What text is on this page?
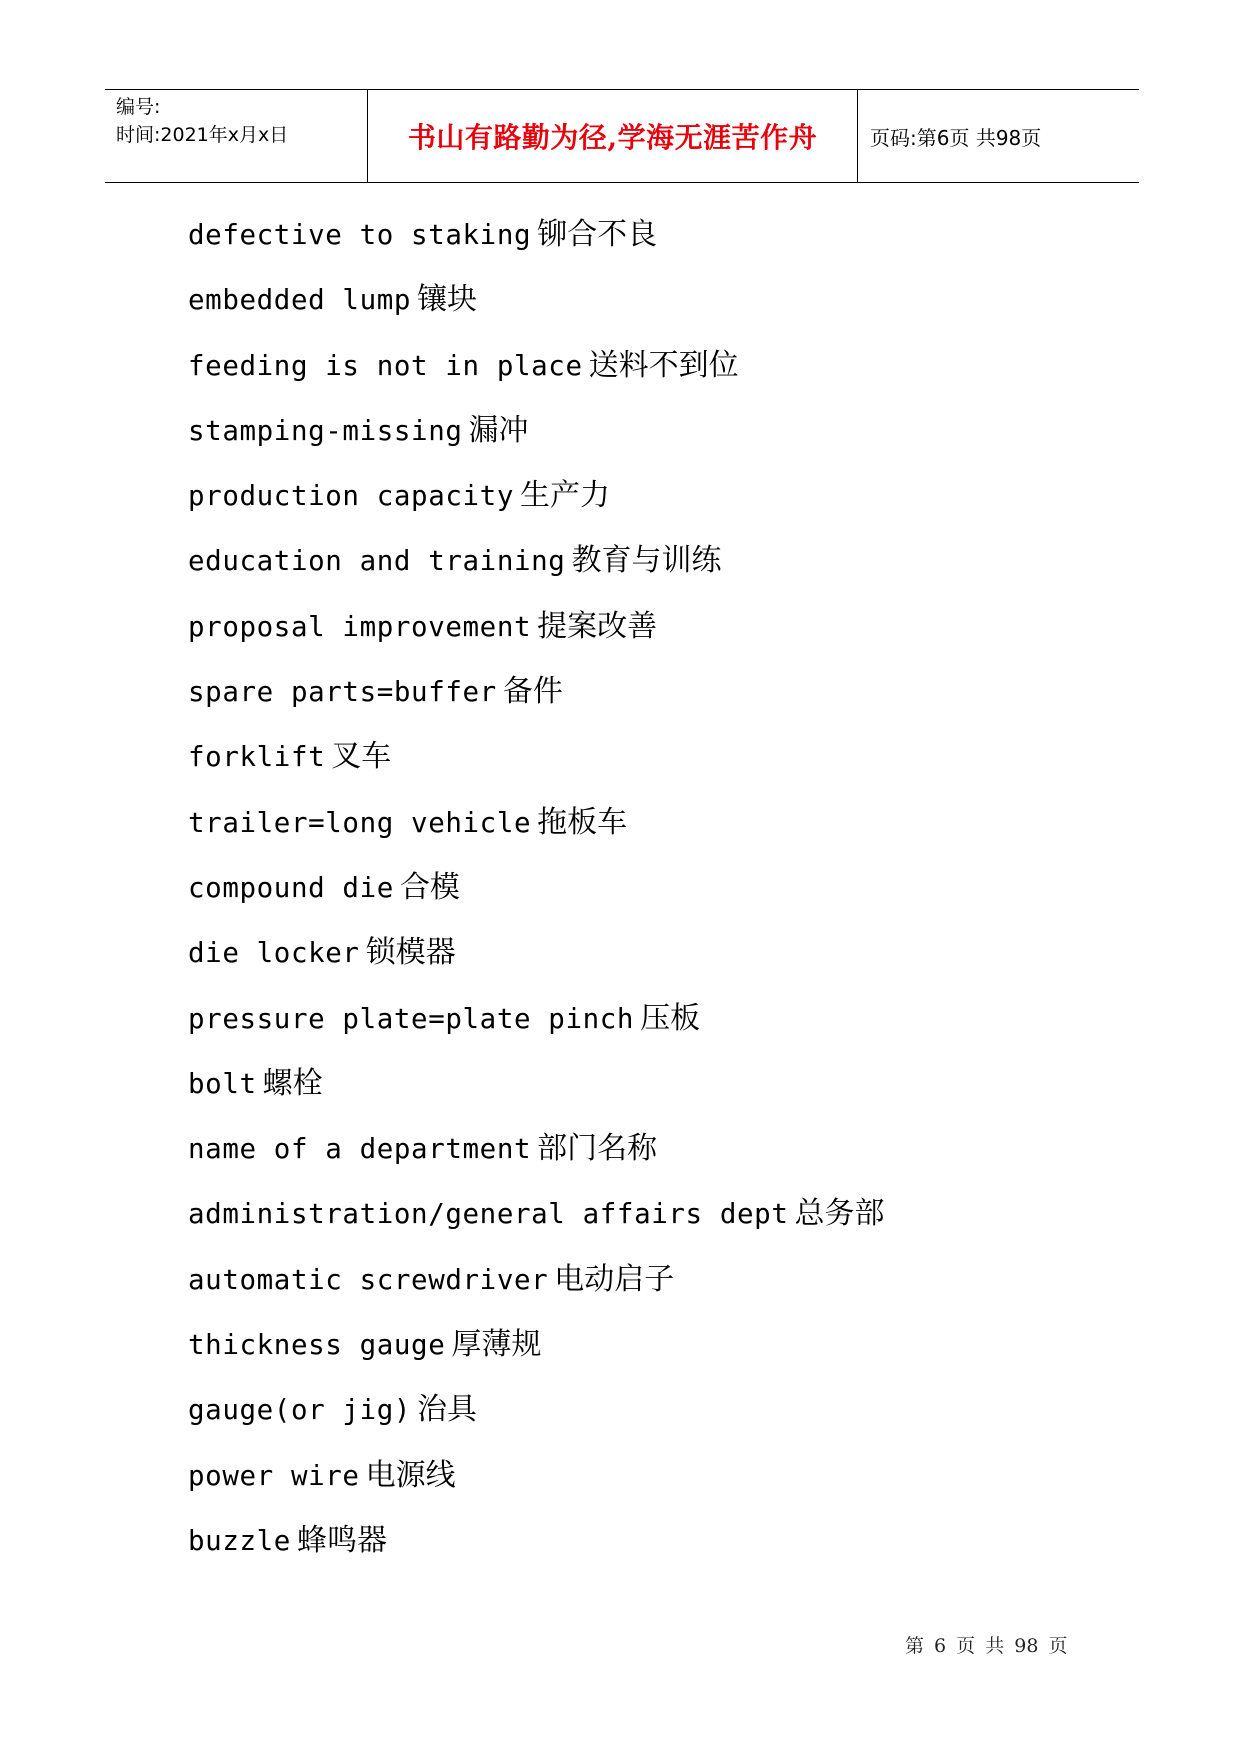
编号:
时间:2021年x月x日	书山有路勤为径,学海无涯苦作舟	页码:第6页 共98页
defective to staking 铆合不良
embedded lump 镶块
feeding is not in place 送料不到位
stamping-missing 漏冲
production capacity 生产力
education and training 教育与训练
proposal improvement 提案改善
spare parts=buffer 备件
forklift 叉车
trailer=long vehicle 拖板车
compound die 合模
die locker 锁模器
pressure plate=plate pinch 压板
bolt 螺栓
name of a department 部门名称
administration/general affairs dept 总务部
automatic screwdriver 电动启子
thickness gauge 厚薄规
gauge(or jig) 治具
power wire 电源线
buzzle 蜂鸣器
第 6 页 共 98 页
